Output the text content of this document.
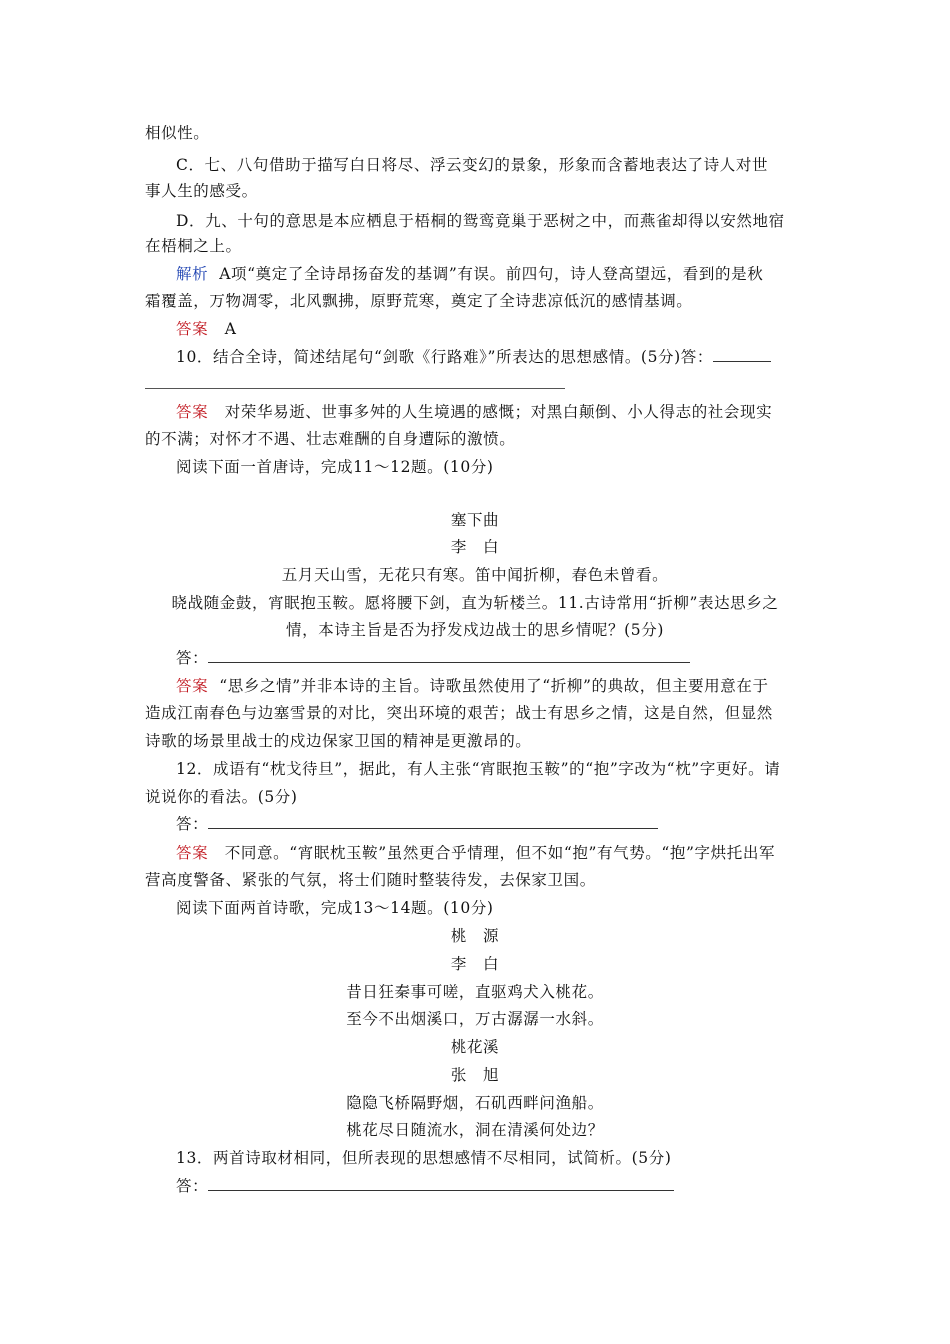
相似性。
C．七、八句借助于描写白日将尽、浮云变幻的景象，形象而含蓄地表达了诗人对世
事人生的感受。
D．九、十句的意思是本应栖息于梧桐的鸳鸾竟巢于恶树之中，而燕雀却得以安然地宿
在梧桐之上。
解析 A项“奠定了全诗昂扬奋发的基调”有误。前四句，诗人登高望远，看到的是秋
霜覆盖，万物凋零，北风飘拂，原野荒寒，奠定了全诗悲凉低沉的感情基调。
答案 A
10．结合全诗，简述结尾句“剑歌《行路难》”所表达的思想感情。(5分)答：
答案 对荣华易逝、世事多舛的人生境遇的感慨；对黑白颠倒、小人得志的社会现实
的不满；对怀才不遇、壮志难酬的自身遭际的激愤。
阅读下面一首唐诗，完成11～12题。(10分)
塞下曲
李　白
五月天山雪，无花只有寒。笛中闻折柳，春色未曾看。
晓战随金鼓，宵眠抱玉鞍。愿将腰下剑，直为斩楼兰。11.古诗常用“折柳”表达思乡之
情，本诗主旨是否为抒发戍边战士的思乡情呢？(5分)
答：
答案 “思乡之情”并非本诗的主旨。诗歌虽然使用了“折柳”的典故，但主要用意在于
造成江南春色与边塞雪景的对比，突出环境的艰苦；战士有思乡之情，这是自然，但显然
诗歌的场景里战士的戍边保家卫国的精神是更激昂的。
12．成语有“枕戈待旦”，据此，有人主张“宵眠抱玉鞍”的“抱”字改为“枕”字更好。请
说说你的看法。(5分)
答：
答案 不同意。“宵眠枕玉鞍”虽然更合乎情理，但不如“抱”有气势。“抱”字烘托出军
营高度警备、紧张的气氛，将士们随时整装待发，去保家卫国。
阅读下面两首诗歌，完成13～14题。(10分)
桃　源
李　白
昔日狂秦事可嗟，直驱鸡犬入桃花。
至今不出烟溪口，万古潺潺一水斜。
桃花溪
张　旭
隐隐飞桥隔野烟，石矶西畔问渔船。
桃花尽日随流水，洞在清溪何处边？
13．两首诗取材相同，但所表现的思想感情不尽相同，试简析。(5分)
答：
